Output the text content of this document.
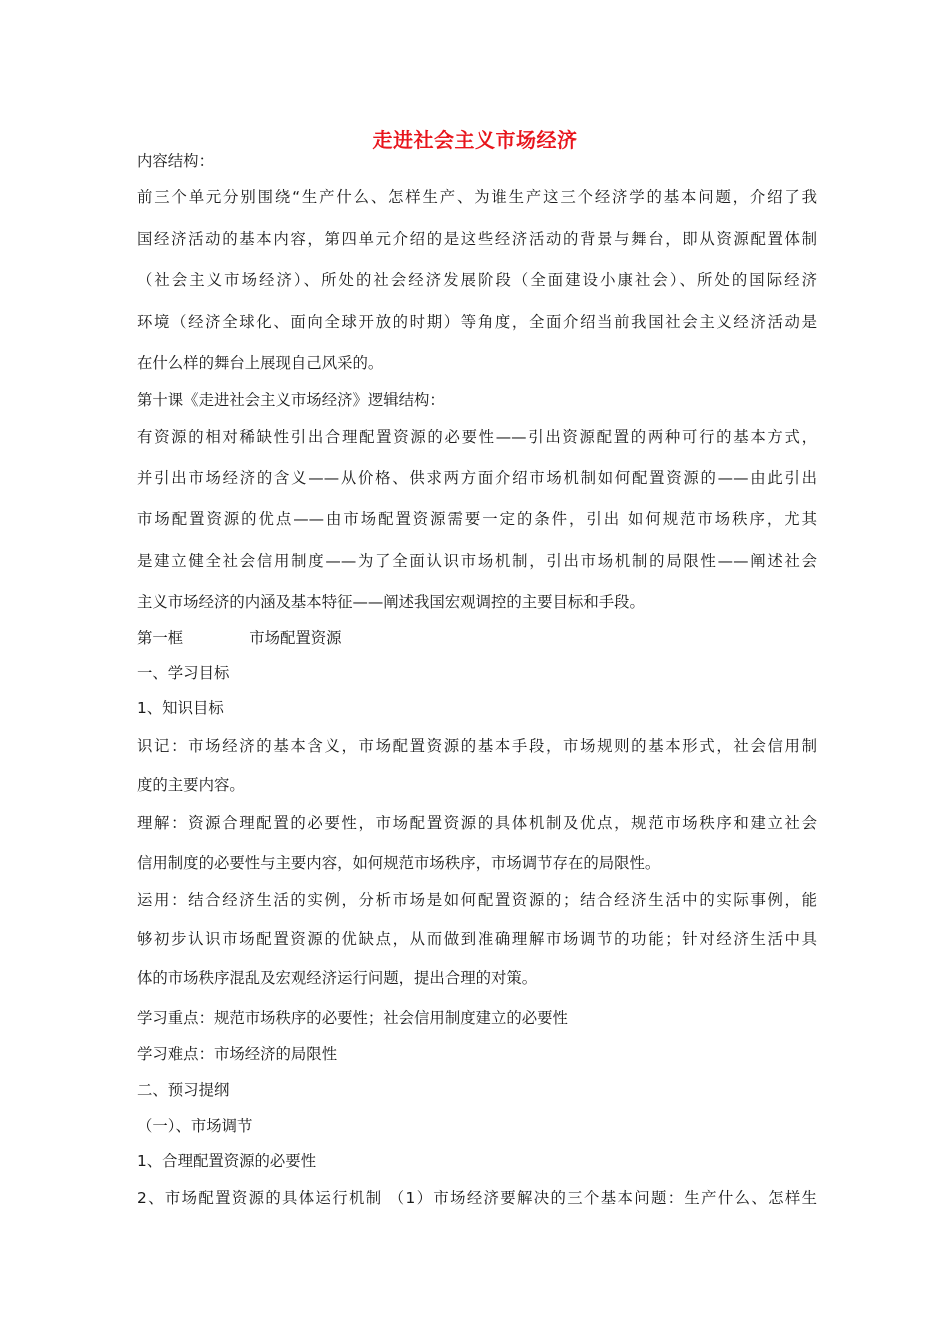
走进社会主义市场经济
内容结构：
前三个单元分别围绕“生产什么、怎样生产、为谁生产这三个经济学的基本问题，介绍了我
国经济活动的基本内容，第四单元介绍的是这些经济活动的背景与舞台，即从资源配置体制
（社会主义市场经济）、所处的社会经济发展阶段（全面建设小康社会）、所处的国际经济
环境（经济全球化、面向全球开放的时期）等角度，全面介绍当前我国社会主义经济活动是
在什么样的舞台上展现自己风采的。
第十课《走进社会主义市场经济》逻辑结构：
有资源的相对稀缺性引出合理配置资源的必要性——引出资源配置的两种可行的基本方式，
并引出市场经济的含义——从价格、供求两方面介绍市场机制如何配置资源的——由此引出
市场配置资源的优点——由市场配置资源需要一定的条件，引出 如何规范市场秩序，尤其
是建立健全社会信用制度——为了全面认识市场机制，引出市场机制的局限性——阐述社会
主义市场经济的内涵及基本特征——阐述我国宏观调控的主要目标和手段。
第一框	市场配置资源
一、学习目标
1、知识目标
识记：市场经济的基本含义，市场配置资源的基本手段，市场规则的基本形式，社会信用制
度的主要内容。
理解：资源合理配置的必要性，市场配置资源的具体机制及优点，规范市场秩序和建立社会
信用制度的必要性与主要内容，如何规范市场秩序，市场调节存在的局限性。
运用：结合经济生活的实例，分析市场是如何配置资源的；结合经济生活中的实际事例，能
够初步认识市场配置资源的优缺点，从而做到准确理解市场调节的功能；针对经济生活中具
体的市场秩序混乱及宏观经济运行问题，提出合理的对策。
学习重点：规范市场秩序的必要性；社会信用制度建立的必要性
学习难点：市场经济的局限性
二、预习提纲
（一）、市场调节
1、合理配置资源的必要性
2、市场配置资源的具体运行机制 （1）市场经济要解决的三个基本问题：生产什么、怎样生
